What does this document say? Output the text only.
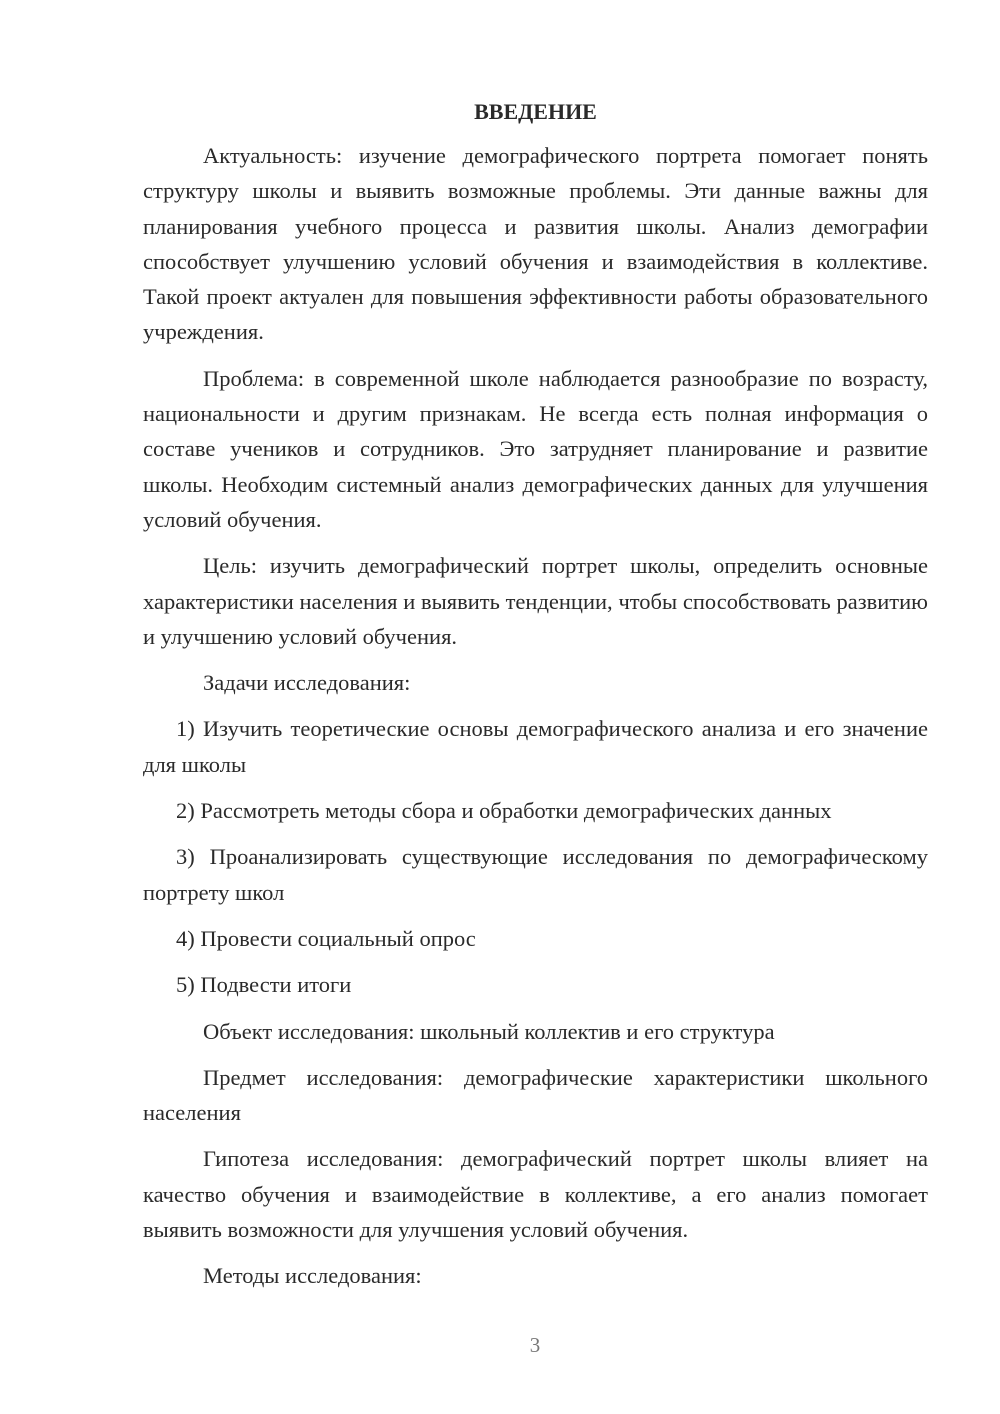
ВВЕДЕНИЕ

Актуальность: изучение демографического портрета помогает понять структуру школы и выявить возможные проблемы. Эти данные важны для планирования учебного процесса и развития школы. Анализ демографии способствует улучшению условий обучения и взаимодействия в коллективе. Такой проект актуален для повышения эффективности работы образовательного учреждения.

Проблема: в современной школе наблюдается разнообразие по возрасту, национальности и другим признакам. Не всегда есть полная информация о составе учеников и сотрудников. Это затрудняет планирование и развитие школы. Необходим системный анализ демографических данных для улучшения условий обучения.

Цель: изучить демографический портрет школы, определить основные характеристики населения и выявить тенденции, чтобы способствовать развитию и улучшению условий обучения.

Задачи исследования:

1) Изучить теоретические основы демографического анализа и его значение для школы

2) Рассмотреть методы сбора и обработки демографических данных

3) Проанализировать существующие исследования по демографическому портрету школ

4) Провести социальный опрос

5) Подвести итоги

Объект исследования: школьный коллектив и его структура

Предмет исследования: демографические характеристики школьного населения

Гипотеза исследования: демографический портрет школы влияет на качество обучения и взаимодействие в коллективе, а его анализ помогает выявить возможности для улучшения условий обучения.

Методы исследования:

3
